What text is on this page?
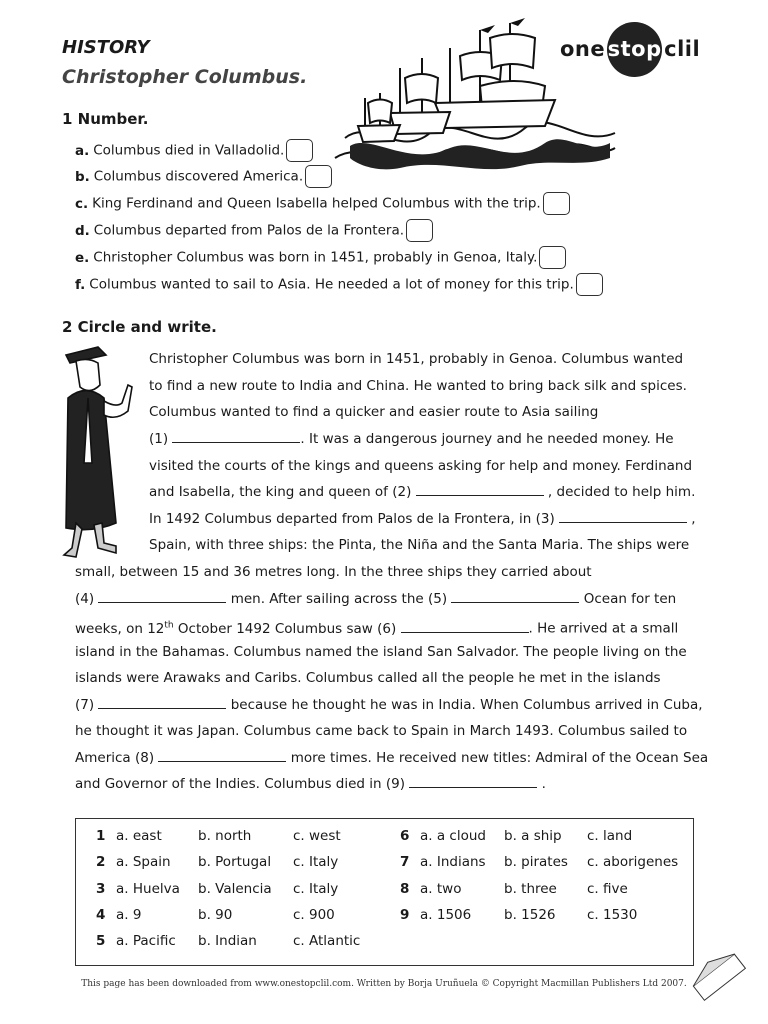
HISTORY
Christopher Columbus.
one stop clil
1 Number.
a. Columbus died in Valladolid.
b. Columbus discovered America.
c. King Ferdinand and Queen Isabella helped Columbus with the trip.
d. Columbus departed from Palos de la Frontera.
e. Christopher Columbus was born in 1451, probably in Genoa, Italy.
f. Columbus wanted to sail to Asia. He needed a lot of money for this trip.
2 Circle and write.
Christopher Columbus was born in 1451, probably in Genoa. Columbus wanted
to find a new route to India and China. He wanted to bring back silk and spices.
Columbus wanted to find a quicker and easier route to Asia sailing
(1)	. It was a dangerous journey and he needed money. He
visited the courts of the kings and queens asking for help and money. Ferdinand
and Isabella, the king and queen of (2)	, decided to help him.
In 1492 Columbus departed from Palos de la Frontera, in (3)	,
Spain, with three ships: the Pinta, the Niña and the Santa Maria. The ships were
small, between 15 and 36 metres long. In the three ships they carried about
(4)	men. After sailing across the (5)	Ocean for ten
weeks, on 12th October 1492 Columbus saw (6)	. He arrived at a small
island in the Bahamas. Columbus named the island San Salvador. The people living on the
islands were Arawaks and Caribs. Columbus called all the people he met in the islands
(7)	because he thought he was in India. When Columbus arrived in Cuba,
he thought it was Japan. Columbus came back to Spain in March 1493. Columbus sailed to
America (8)	more times. He received new titles: Admiral of the Ocean Sea
and Governor of the Indies. Columbus died in (9)	.
1 a. east	b. north	c. west
2 a. Spain b. Portugal c. Italy
3 a. Huelva b. Valencia c. Italy
4 a. 9	b. 90	c. 900
5 a. Pacific b. Indian	c. Atlantic
6 a. a cloud b. a ship c. land
7 a. Indians b. pirates c. aborigenes
8 a. two	b. three c. five
9 a. 1506 b. 1526 c. 1530
This page has been downloaded from www.onestopclil.com. Written by Borja Uruñuela © Copyright Macmillan Publishers Ltd 2007.
